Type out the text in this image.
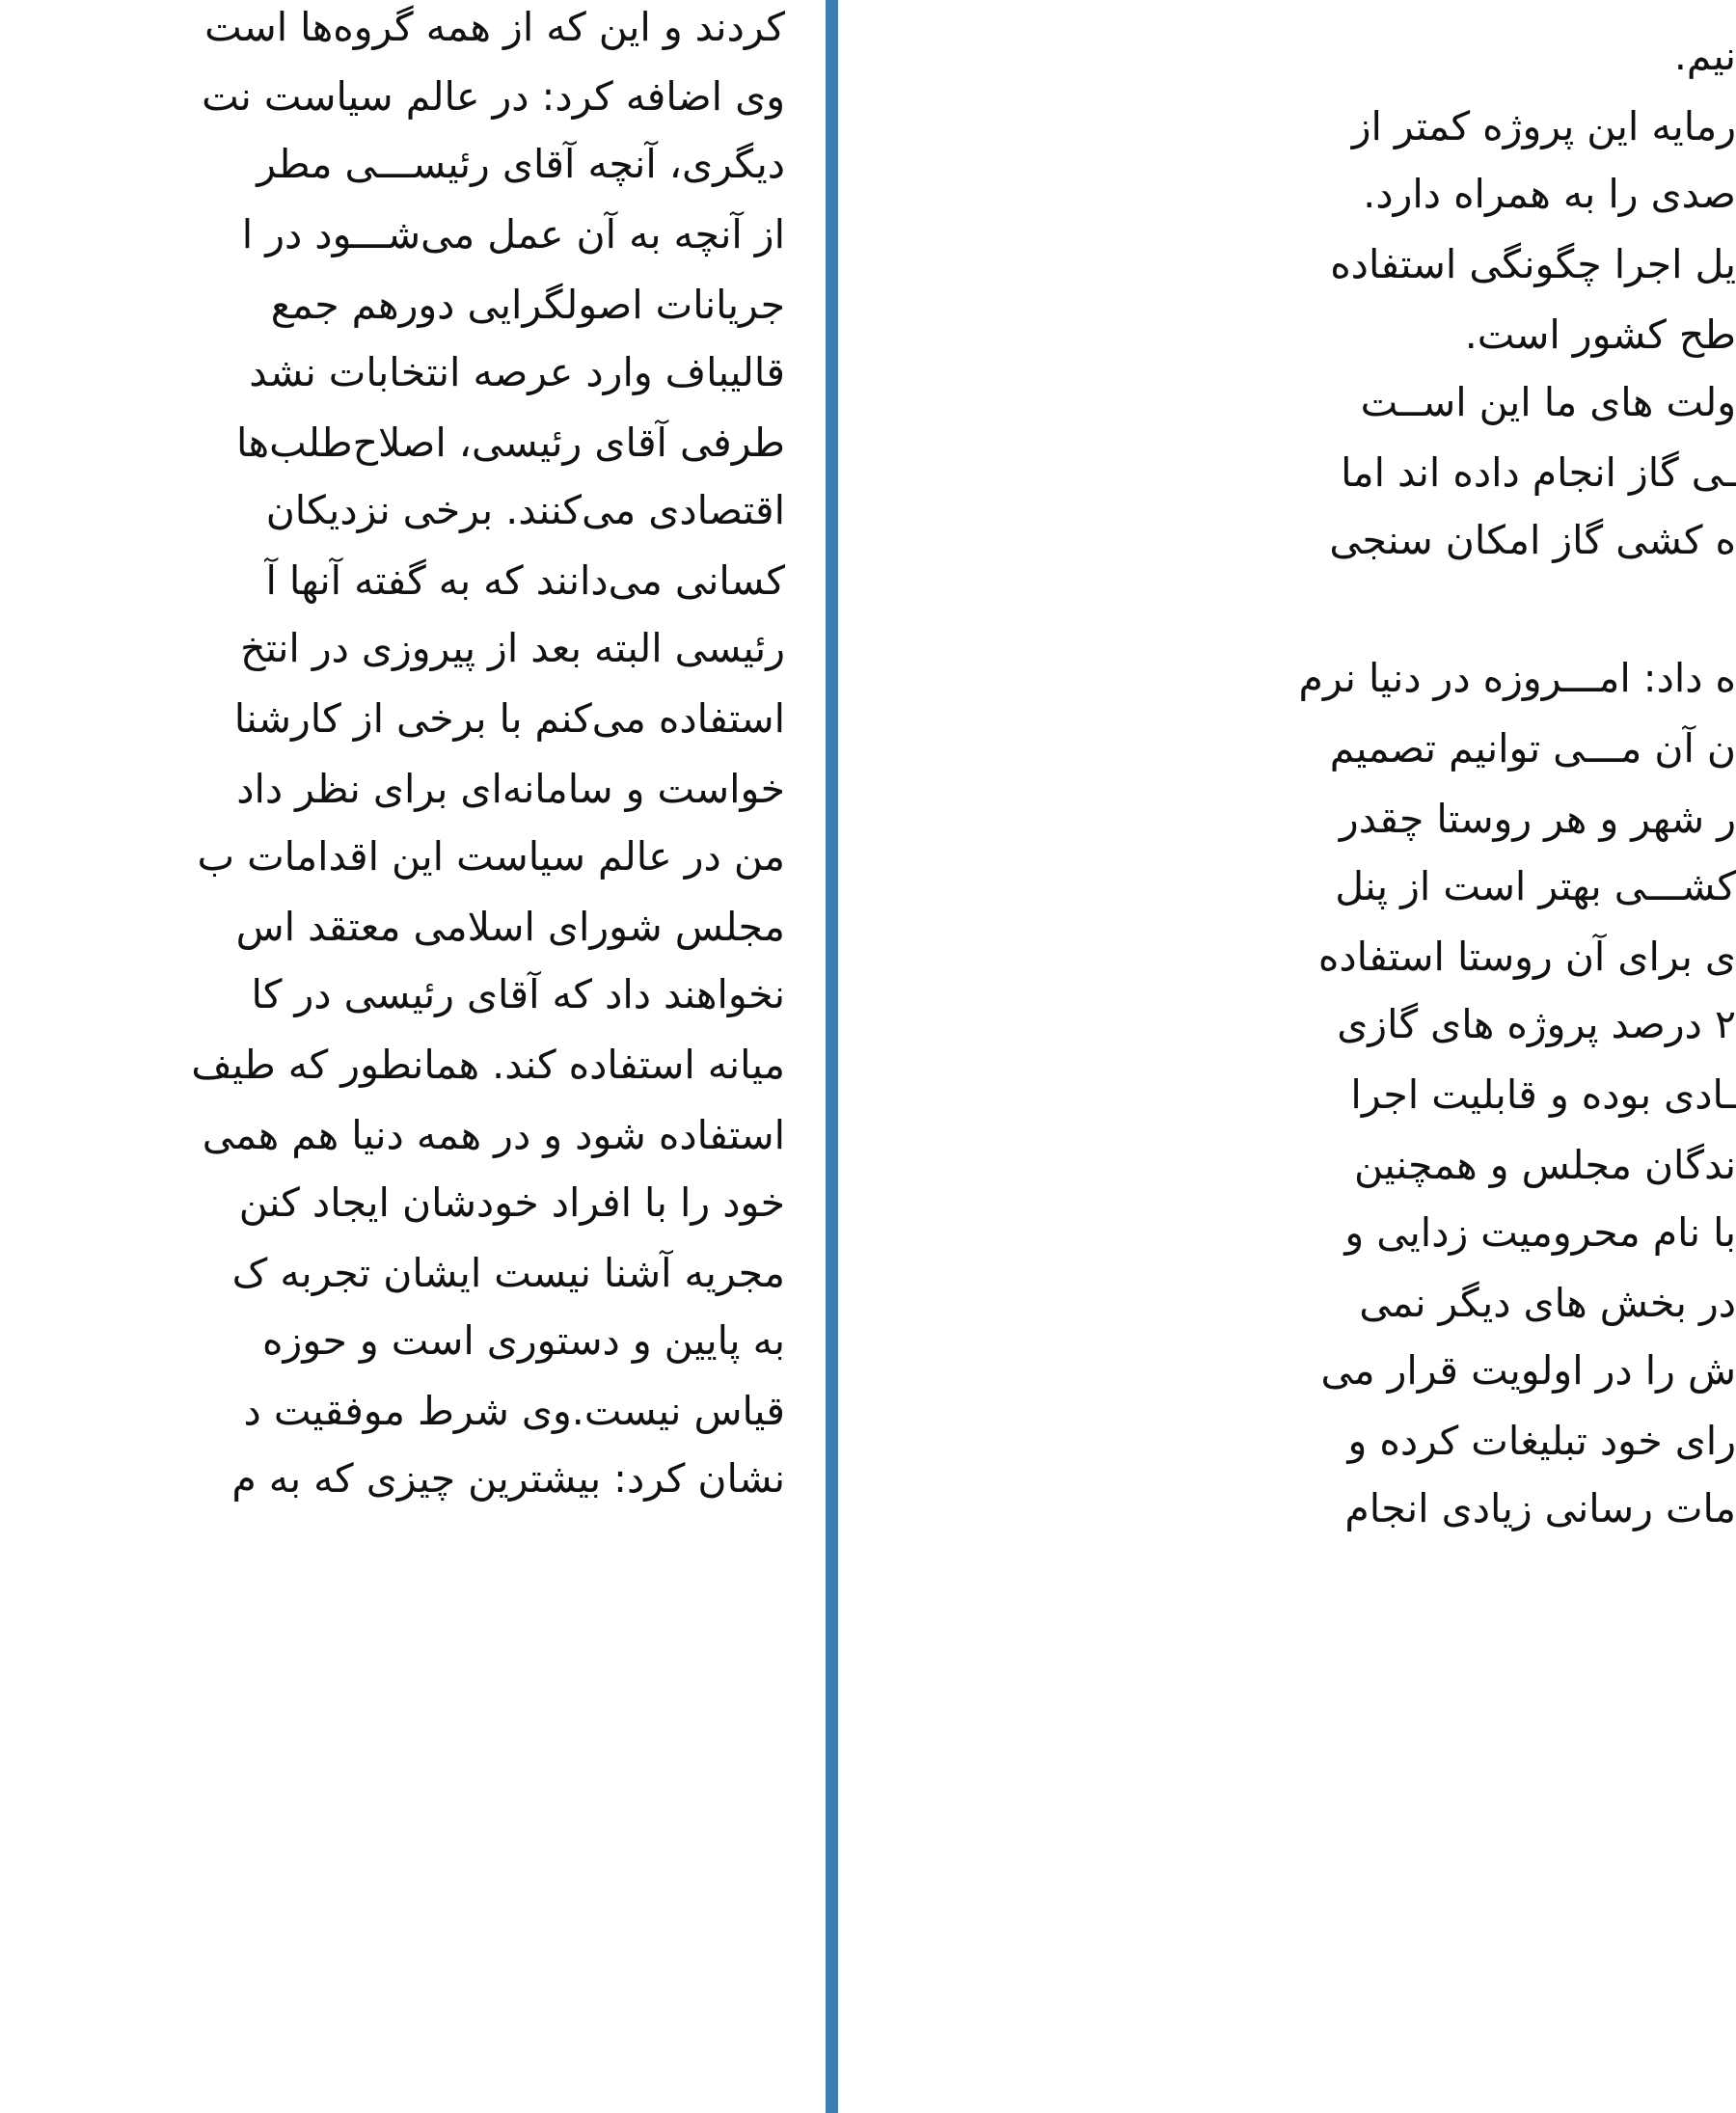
کردند و این که از همه گروه‌ها است
وی اضافه کرد: در عالم سیاست نت
دیگری، آنچه آقای رئیســـی مطر
از آنچه به آن عمل می‌شـــود در ا
جریانات اصولگرایی دورهم جمع
قالیباف وارد عرصه انتخابات نشد
طرفی آقای رئیسی، اصلاح‌طلب‌ها
اقتصادی می‌کنند. برخی نزدیکان
کسانی می‌دانند که به گفته آنها آ
رئیسی البته بعد از پیروزی در انتخ
استفاده می‌کنم با برخی از کارشنا
خواست و سامانه‌ای برای نظر داد
من در عالم سیاست این اقدامات ب
مجلس شورای اسلامی معتقد اس
نخواهند داد که آقای رئیسی در کا
میانه استفاده کند. همانطور که طیف
استفاده شود و در همه دنیا هم همی
خود را با افراد خودشان ایجاد کنن
مجریه آشنا نیست ایشان تجربه ک
به پایین و دستوری است و حوزه
قیاس نیست.وی شرط موفقیت د
نشان کرد: بیشترین چیزی که به م
نیم.
رمایه این پروژه کمتر از
صدی را به همراه دارد.
یل اجرا چگونگی استفاده
طح کشور است.
ولت های ما این اســت
ـی گاز انجام داده اند اما
ه کشی گاز امکان سنجی
ه داد: امـــروزه در دنیا نرم
ن آن مـــی توانیم تصمیم
ر شهر و هر روستا چقدر
کشـــی بهتر است از پنل
ی برای آن روستا استفاده
۲ درصد پروژه های گازی
ـادی بوده و قابلیت اجرا
ندگان مجلس و همچنین
با نام محرومیت زدایی و
در بخش های دیگر نمی
ش را در اولویت قرار می
رای خود تبلیغات کرده و
مات رسانی زیادی انجام
